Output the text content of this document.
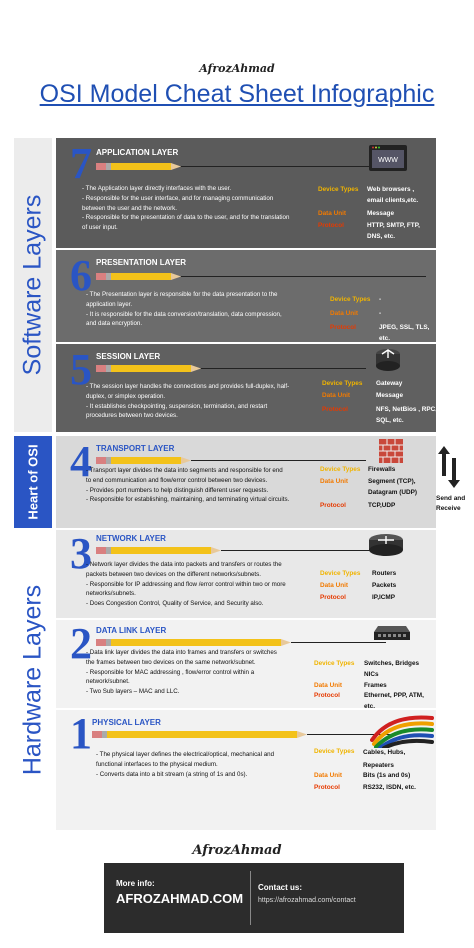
AfrozAhmad
OSI Model Cheat Sheet Infographic
Software Layers
Heart of OSI
Hardware Layers
7 APPLICATION LAYER
WWW
- The Application layer directly interfaces with the user.
- Responsible for the user interface, and for managing communication
between the user and the network.
- Responsible for the presentation of data to the user, and for the translation
of user input.
Device Types Web browsers ,
email clients,etc.
Data Unit	Message
Protocol	HTTP, SMTP, FTP,
DNS, etc.
6 PRESENTATION LAYER
- The Presentation layer is responsible for the data presentation to the
application layer.
- It is responsible for the data conversion/translation, data compression,
and data encryption.
Device Types -
Data Unit	-
Protocol	JPEG, SSL, TLS, etc.
5 SESSION LAYER
- The session layer handles the connections and provides full-duplex, half-
duplex, or simplex operation.
- It establishes checkpointing, suspension, termination, and restart
procedures between two devices.
Device Types Gateway
Data Unit	Message
Protocol	NFS, NetBios , RPC,
SQL, etc.
4 TRANSPORT LAYER
- Transport layer divides the data into segments and responsible for end
to end communication and flow/error control between two devices.
- Provides port numbers to help distinguish different user requests.
- Responsible for establishing, maintaining, and terminating virtual circuits.
Device Types Firewalls
Data Unit	Segment (TCP),
Datagram (UDP)
Protocol	TCP,UDP
Send and
Receive
3 NETWORK LAYER
- Network layer divides the data into packets and transfers or routes the
packets between two devices on the different networks/subnets.
- Responsible for IP addressing and flow /error control within two or more
networks/subnets.
- Does Congestion Control, Quality of Service, and Security also.
Device Types Routers
Data Unit	Packets
Protocol	IP,ICMP
2 DATA LINK LAYER
- Data link layer divides the data into frames and transfers or switches
the frames between two devices on the same network/subnet.
- Responsible for MAC addressing , flow/error control within a
network/subnet.
- Two Sub layers – MAC and LLC.
Device Types Switches, Bridges
NICs
Data Unit	Frames
Protocol	Ethernet, PPP, ATM, etc.
1 PHYSICAL LAYER
- The physical layer defines the electrical/optical, mechanical and
functional interfaces to the physical medium.
- Converts data into a bit stream (a string of 1s and 0s).
Device Types Cables, Hubs,
Repeaters
Data Unit	Bits (1s and 0s)
Protocol	RS232, ISDN, etc.
AfrozAhmad
More info:
AFROZAHMAD.COM
Contact us:
https://afrozahmad.com/contact
